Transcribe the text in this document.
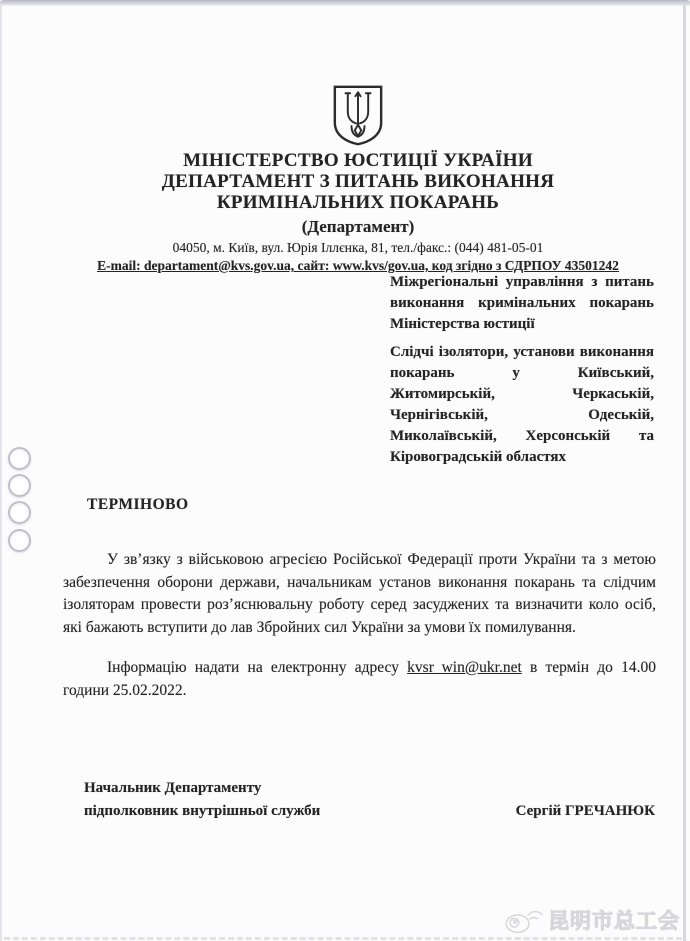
МІНІСТЕРСТВО ЮСТИЦІЇ УКРАЇНИ
ДЕПАРТАМЕНТ З ПИТАНЬ ВИКОНАННЯ
КРИМІНАЛЬНИХ ПОКАРАНЬ
(Департамент)
04050, м. Київ, вул. Юрія Іллєнка, 81, тел./факс.: (044) 481-05-01
E-mail: departament@kvs.gov.ua, сайт: www.kvs/gov.ua, код згідно з СДРПОУ 43501242
Міжрегіональні управління з питань виконання кримінальних покарань Міністерства юстиції
Слідчі ізолятори, установи виконання покарань у Київський, Житомирській, Черкаській, Чернігівській, Одеській, Миколаївській, Херсонській та Кіровоградській областях
ТЕРМІНОВО
У зв’язку з військовою агресією Російської Федерації проти України та з метою забезпечення оборони держави, начальникам установ виконання покарань та слідчим ізоляторам провести роз’яснювальну роботу серед засуджених та визначити коло осіб, які бажають вступити до лав Збройних сил України за умови їх помилування.
Інформацію надати на електронну адресу kvsr_win@ukr.net в термін до 14.00 години 25.02.2022.
Начальник Департаменту
підполковник внутрішньої служби	Сергій ГРЕЧАНЮК
昆明市总工会
